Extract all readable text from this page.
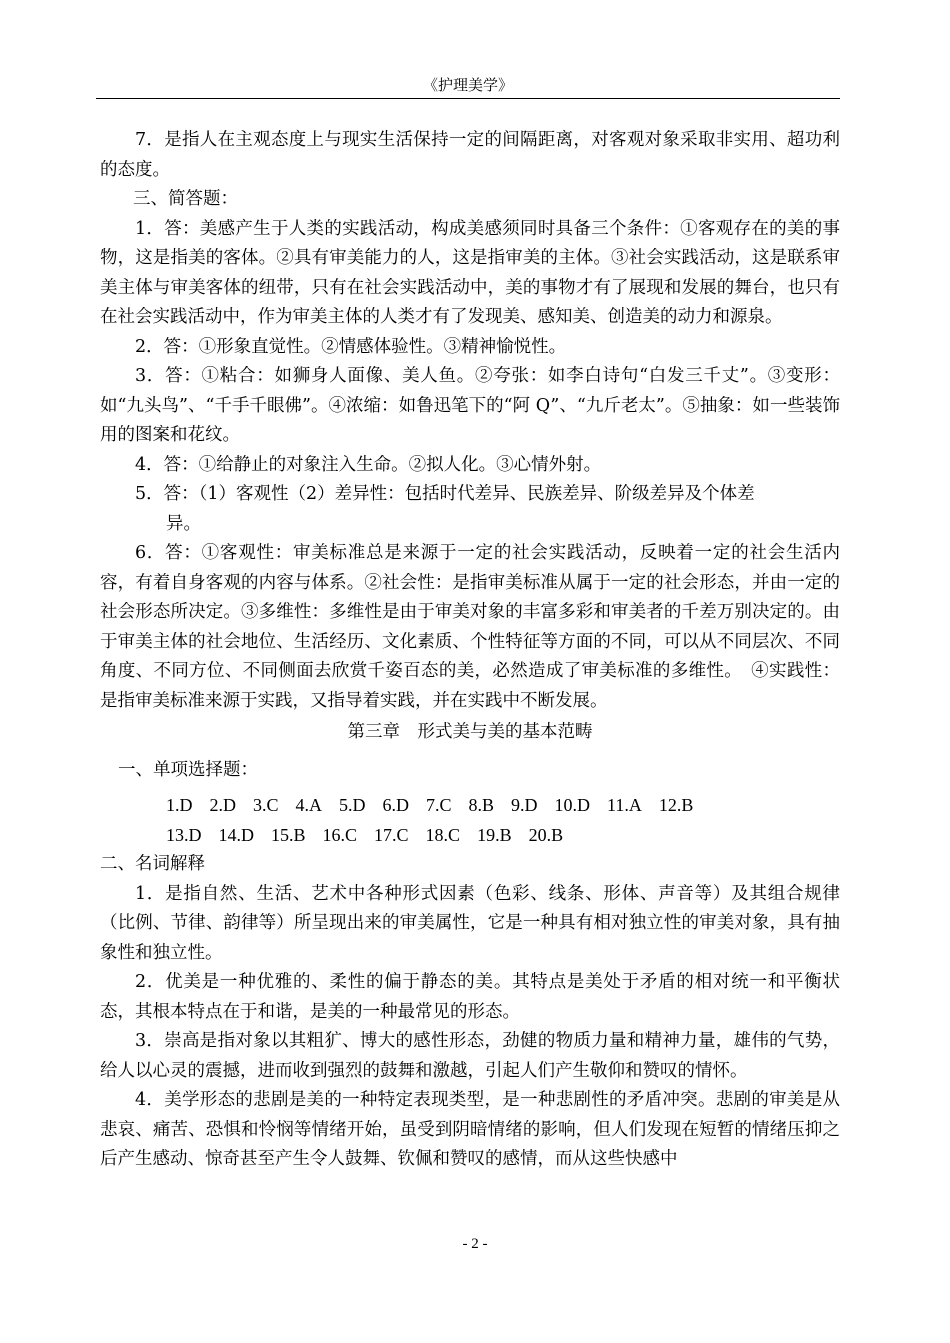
《护理美学》

7．是指人在主观态度上与现实生活保持一定的间隔距离，对客观对象采取非实用、超功利的态度。

三、简答题：

1．答：美感产生于人类的实践活动，构成美感须同时具备三个条件：①客观存在的美的事物，这是指美的客体。②具有审美能力的人，这是指审美的主体。③社会实践活动，这是联系审美主体与审美客体的纽带，只有在社会实践活动中，美的事物才有了展现和发展的舞台，也只有在社会实践活动中，作为审美主体的人类才有了发现美、感知美、创造美的动力和源泉。

2．答：①形象直觉性。②情感体验性。③精神愉悦性。

3．答：①粘合：如狮身人面像、美人鱼。②夸张：如李白诗句“白发三千丈”。③变形：如“九头鸟”、“千手千眼佛”。④浓缩：如鲁迅笔下的“阿 Q”、“九斤老太”。⑤抽象：如一些装饰用的图案和花纹。

4．答：①给静止的对象注入生命。②拟人化。③心情外射。

5．答：（1）客观性（2）差异性：包括时代差异、民族差异、阶级差异及个体差

异。

6．答：①客观性：审美标准总是来源于一定的社会实践活动，反映着一定的社会生活内容，有着自身客观的内容与体系。②社会性：是指审美标准从属于一定的社会形态，并由一定的社会形态所决定。③多维性：多维性是由于审美对象的丰富多彩和审美者的千差万别决定的。由于审美主体的社会地位、生活经历、文化素质、个性特征等方面的不同，可以从不同层次、不同角度、不同方位、不同侧面去欣赏千姿百态的美，必然造成了审美标准的多维性。　④实践性：是指审美标准来源于实践，又指导着实践，并在实践中不断发展。

第三章　形式美与美的基本范畴

一、单项选择题：

1.D 2.D 3.C 4.A 5.D 6.D 7.C 8.B 9.D 10.D 11.A 12.B
13.D 14.D 15.B 16.C 17.C 18.C 19.B 20.B

二、名词解释

1．是指自然、生活、艺术中各种形式因素（色彩、线条、形体、声音等）及其组合规律（比例、节律、韵律等）所呈现出来的审美属性，它是一种具有相对独立性的审美对象，具有抽象性和独立性。

2．优美是一种优雅的、柔性的偏于静态的美。其特点是美处于矛盾的相对统一和平衡状态，其根本特点在于和谐，是美的一种最常见的形态。

3．崇高是指对象以其粗犷、博大的感性形态，劲健的物质力量和精神力量，雄伟的气势，给人以心灵的震撼，进而收到强烈的鼓舞和激越，引起人们产生敬仰和赞叹的情怀。

4．美学形态的悲剧是美的一种特定表现类型，是一种悲剧性的矛盾冲突。悲剧的审美是从悲哀、痛苦、恐惧和怜悯等情绪开始，虽受到阴暗情绪的影响，但人们发现在短暂的情绪压抑之后产生感动、惊奇甚至产生令人鼓舞、钦佩和赞叹的感情，而从这些快感中

- 2 -
